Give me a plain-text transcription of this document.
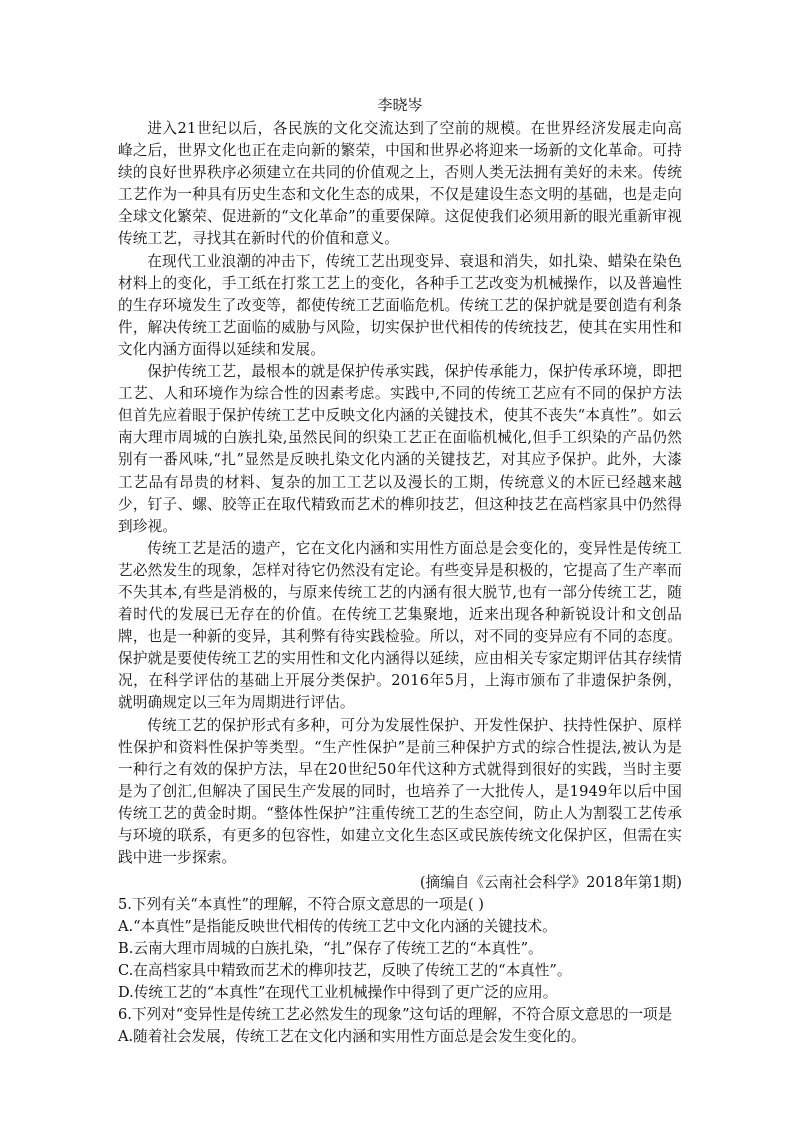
李晓岑

进入21世纪以后，各民族的文化交流达到了空前的规模。在世界经济发展走向高峰之后，世界文化也正在走向新的繁荣，中国和世界必将迎来一场新的文化革命。可持续的良好世界秩序必须建立在共同的价值观之上，否则人类无法拥有美好的未来。传统工艺作为一种具有历史生态和文化生态的成果，不仅是建设生态文明的基础，也是走向全球文化繁荣、促进新的“文化革命”的重要保障。这促使我们必须用新的眼光重新审视传统工艺，寻找其在新时代的价值和意义。

在现代工业浪潮的冲击下，传统工艺出现变异、衰退和消失，如扎染、蜡染在染色材料上的变化，手工纸在打浆工艺上的变化，各种手工艺改变为机械操作，以及普遍性的生存环境发生了改变等，都使传统工艺面临危机。传统工艺的保护就是要创造有利条件，解决传统工艺面临的威胁与风险，切实保护世代相传的传统技艺，使其在实用性和文化内涵方面得以延续和发展。

保护传统工艺，最根本的就是保护传承实践，保护传承能力，保护传承环境，即把工艺、人和环境作为综合性的因素考虑。实践中,不同的传统工艺应有不同的保护方法但首先应着眼于保护传统工艺中反映文化内涵的关键技术，使其不丧失“本真性”。如云南大理市周城的白族扎染,虽然民间的织染工艺正在面临机械化,但手工织染的产品仍然别有一番风味,“扎”显然是反映扎染文化内涵的关键技艺，对其应予保护。此外，大漆工艺品有昂贵的材料、复杂的加工工艺以及漫长的工期，传统意义的木匠已经越来越少，钉子、螺、胶等正在取代精致而艺术的榫卯技艺，但这种技艺在高档家具中仍然得到珍视。

传统工艺是活的遗产，它在文化内涵和实用性方面总是会变化的，变异性是传统工艺必然发生的现象，怎样对待它仍然没有定论。有些变异是积极的，它提高了生产率而不失其本,有些是消极的，与原来传统工艺的内涵有很大脱节,也有一部分传统工艺，随着时代的发展已无存在的价值。在传统工艺集聚地，近来出现各种新锐设计和文创品牌，也是一种新的变异，其利弊有待实践检验。所以，对不同的变异应有不同的态度。保护就是要使传统工艺的实用性和文化内涵得以延续，应由相关专家定期评估其存续情况，在科学评估的基础上开展分类保护。2016年5月，上海市颁布了非遗保护条例，就明确规定以三年为周期进行评估。

传统工艺的保护形式有多种，可分为发展性保护、开发性保护、扶持性保护、原样性保护和资料性保护等类型。“生产性保护”是前三种保护方式的综合性提法,被认为是一种行之有效的保护方法，早在20世纪50年代这种方式就得到很好的实践，当时主要是为了创汇,但解决了国民生产发展的同时，也培养了一大批传人，是1949年以后中国传统工艺的黄金时期。“整体性保护”注重传统工艺的生态空间，防止人为割裂工艺传承与环境的联系，有更多的包容性，如建立文化生态区或民族传统文化保护区，但需在实践中进一步探索。

(摘编自《云南社会科学》2018年第1期)

5.下列有关“本真性”的理解，不符合原文意思的一项是( )

A.“本真性”是指能反映世代相传的传统工艺中文化内涵的关键技术。

B.云南大理市周城的白族扎染，“扎”保存了传统工艺的“本真性”。

C.在高档家具中精致而艺术的榫卯技艺，反映了传统工艺的“本真性”。

D.传统工艺的“本真性”在现代工业机械操作中得到了更广泛的应用。

6.下列对“变异性是传统工艺必然发生的现象”这句话的理解，不符合原文意思的一项是

A.随着社会发展，传统工艺在文化内涵和实用性方面总是会发生变化的。
